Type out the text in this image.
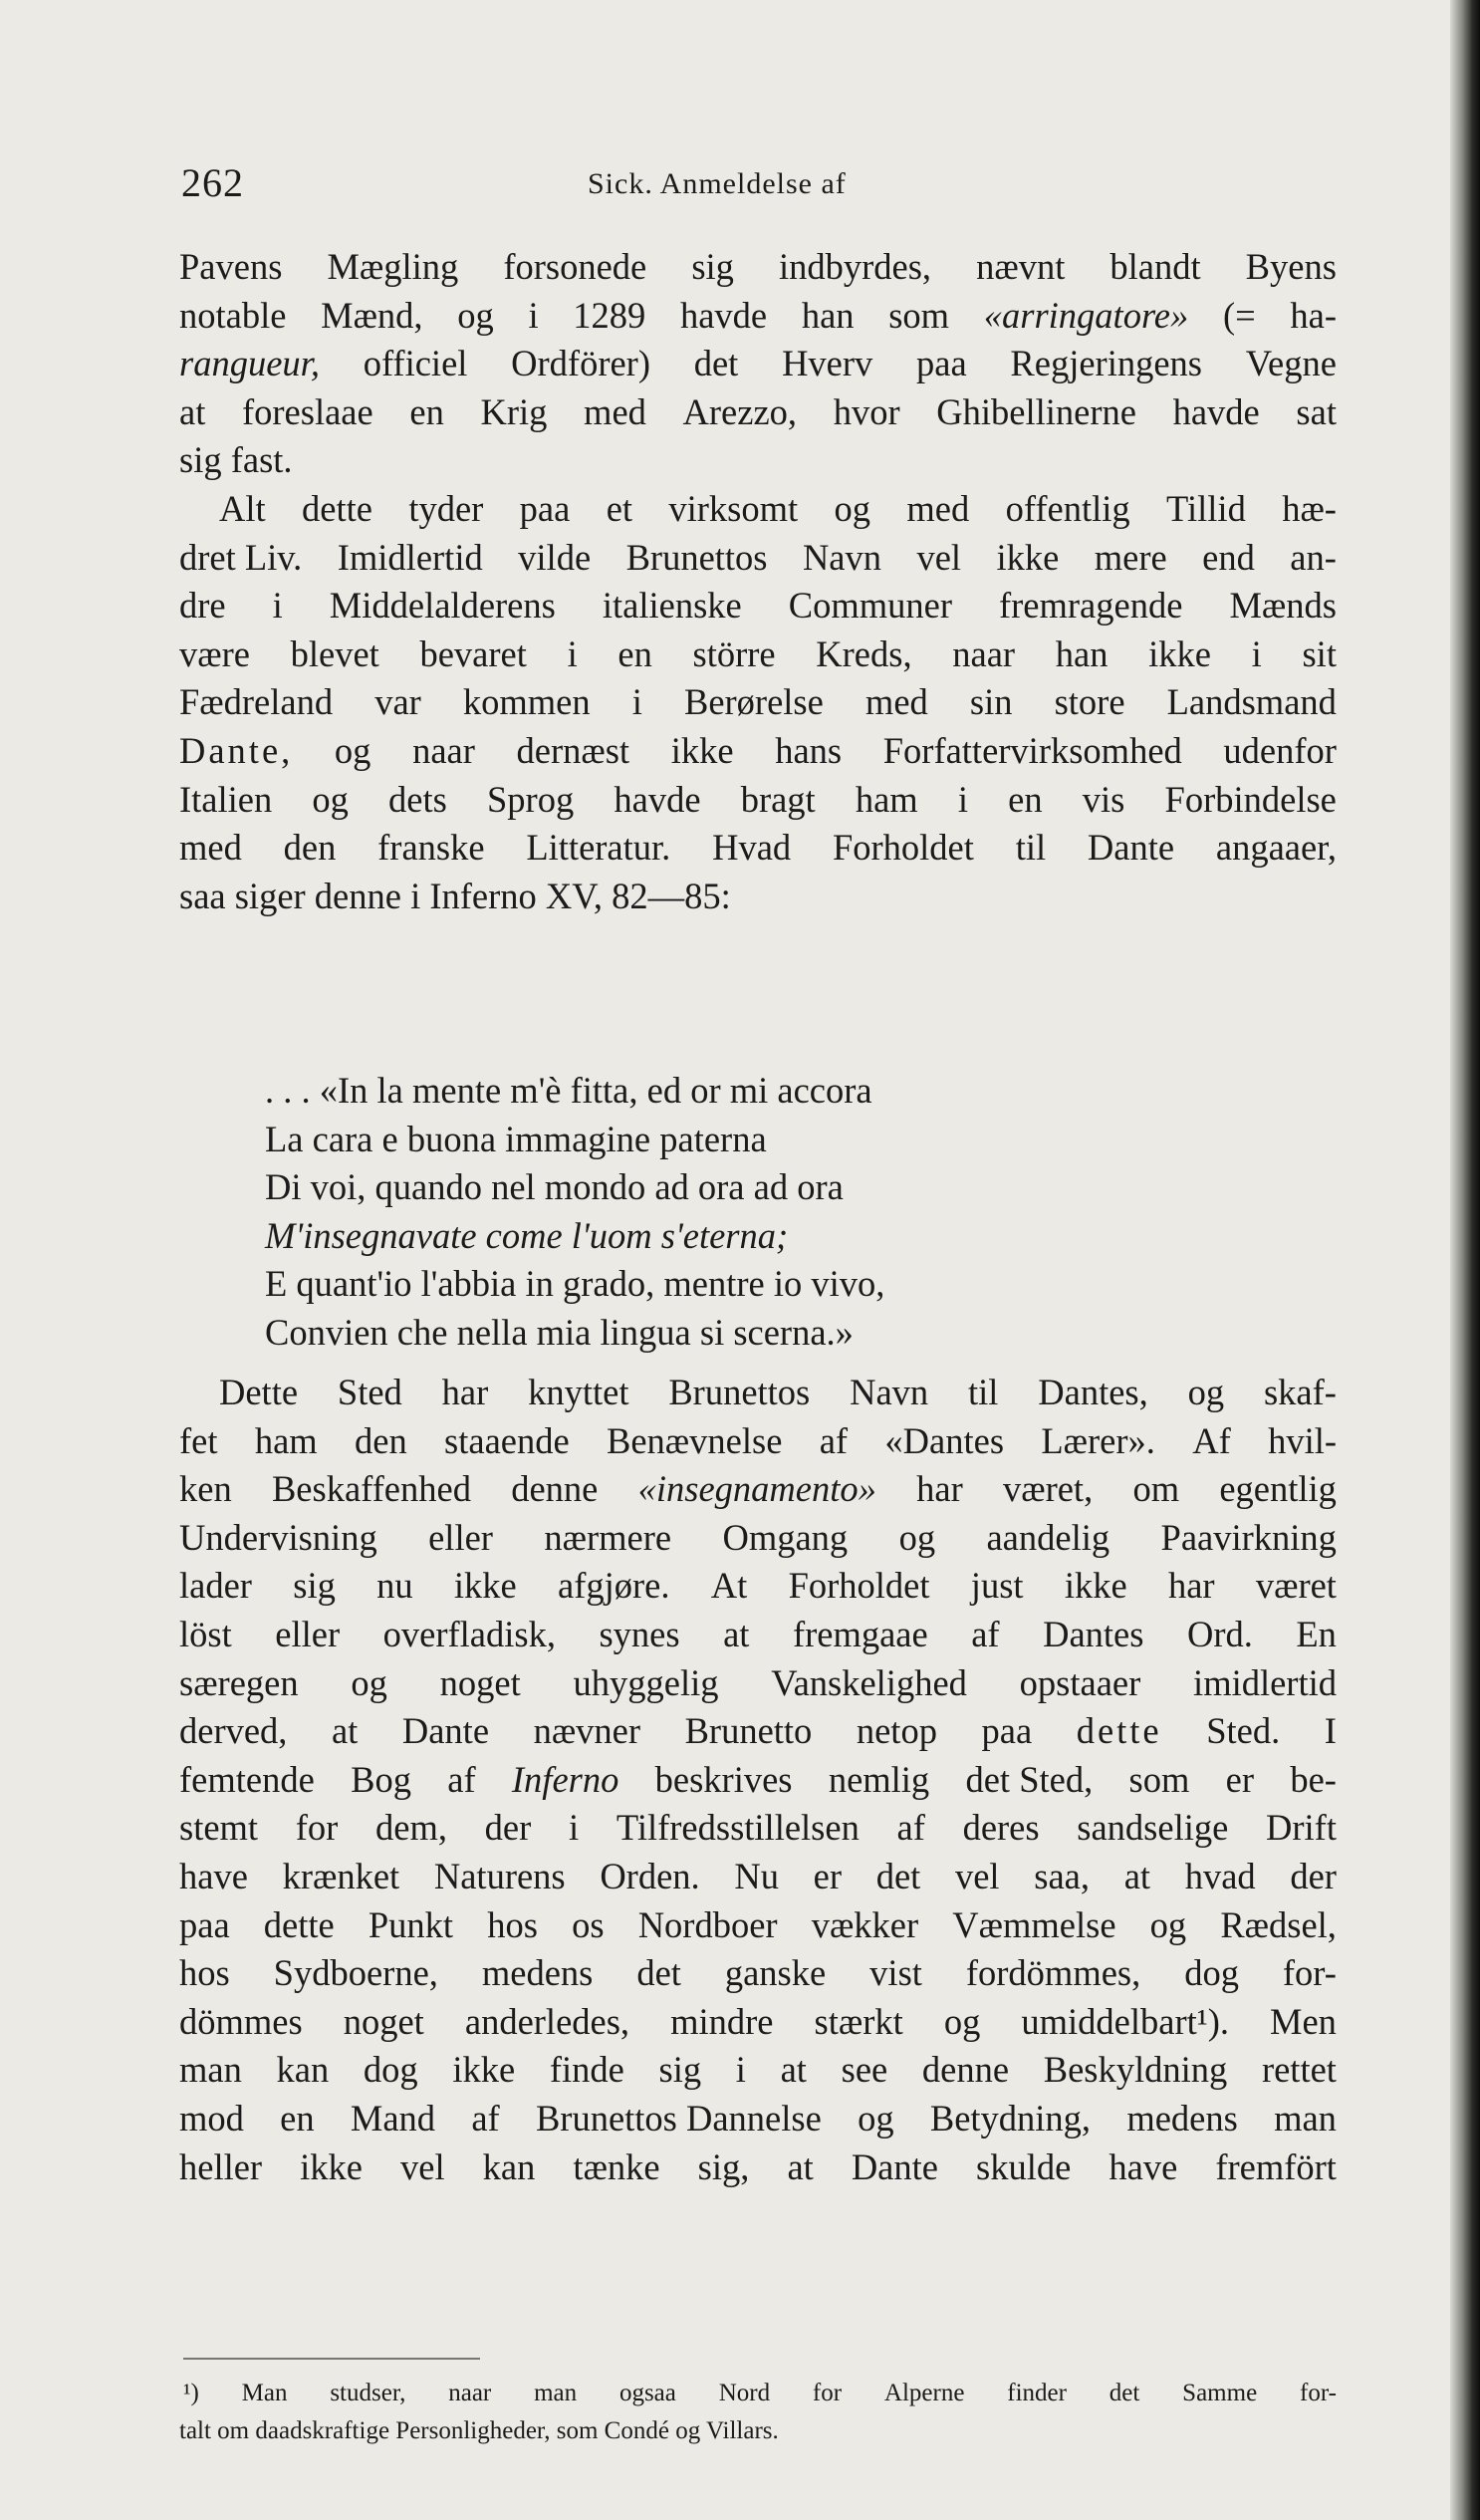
262	Sick. Anmeldelse af
Pavens Mægling forsonede sig indbyrdes, nævnt blandt Byens
notable Mænd, og i 1289 havde han som «arringatore» (= ha-
rangueur, officiel Ordförer) det Hverv paa Regjeringens Vegne
at foreslaae en Krig med Arezzo, hvor Ghibellinerne havde sat
sig fast.
Alt dette tyder paa et virksomt og med offentlig Tillid hæ-
dret Liv. Imidlertid vilde Brunettos Navn vel ikke mere end an-
dre i Middelalderens italienske Communer fremragende Mænds
være blevet bevaret i en större Kreds, naar han ikke i sit
Fædreland var kommen i Berørelse med sin store Landsmand
Dante, og naar dernæst ikke hans Forfattervirksomhed udenfor
Italien og dets Sprog havde bragt ham i en vis Forbindelse
med den franske Litteratur. Hvad Forholdet til Dante angaaer,
saa siger denne i Inferno XV, 82—85:
. . . «In la mente m'è fitta, ed or mi accora
La cara e buona immagine paterna
Di voi, quando nel mondo ad ora ad ora
M'insegnavate come l'uom s'eterna;
E quant'io l'abbia in grado, mentre io vivo,
Convien che nella mia lingua si scerna.»
Dette Sted har knyttet Brunettos Navn til Dantes, og skaf-
fet ham den staaende Benævnelse af «Dantes Lærer». Af hvil-
ken Beskaffenhed denne «insegnamento» har været, om egentlig
Undervisning eller nærmere Omgang og aandelig Paavirkning
lader sig nu ikke afgjøre. At Forholdet just ikke har været
löst eller overfladisk, synes at fremgaae af Dantes Ord. En
særegen og noget uhyggelig Vanskelighed opstaaer imidlertid
derved, at Dante nævner Brunetto netop paa dette Sted. I
femtende Bog af Inferno beskrives nemlig det Sted, som er be-
stemt for dem, der i Tilfredsstillelsen af deres sandselige Drift
have krænket Naturens Orden. Nu er det vel saa, at hvad der
paa dette Punkt hos os Nordboer vækker Væmmelse og Rædsel,
hos Sydboerne, medens det ganske vist fordömmes, dog for-
dömmes noget anderledes, mindre stærkt og umiddelbart¹). Men
man kan dog ikke finde sig i at see denne Beskyldning rettet
mod en Mand af Brunettos Dannelse og Betydning, medens man
heller ikke vel kan tænke sig, at Dante skulde have fremfört
¹) Man studser, naar man ogsaa Nord for Alperne finder det Samme for-
talt om daadskraftige Personligheder, som Condé og Villars.
